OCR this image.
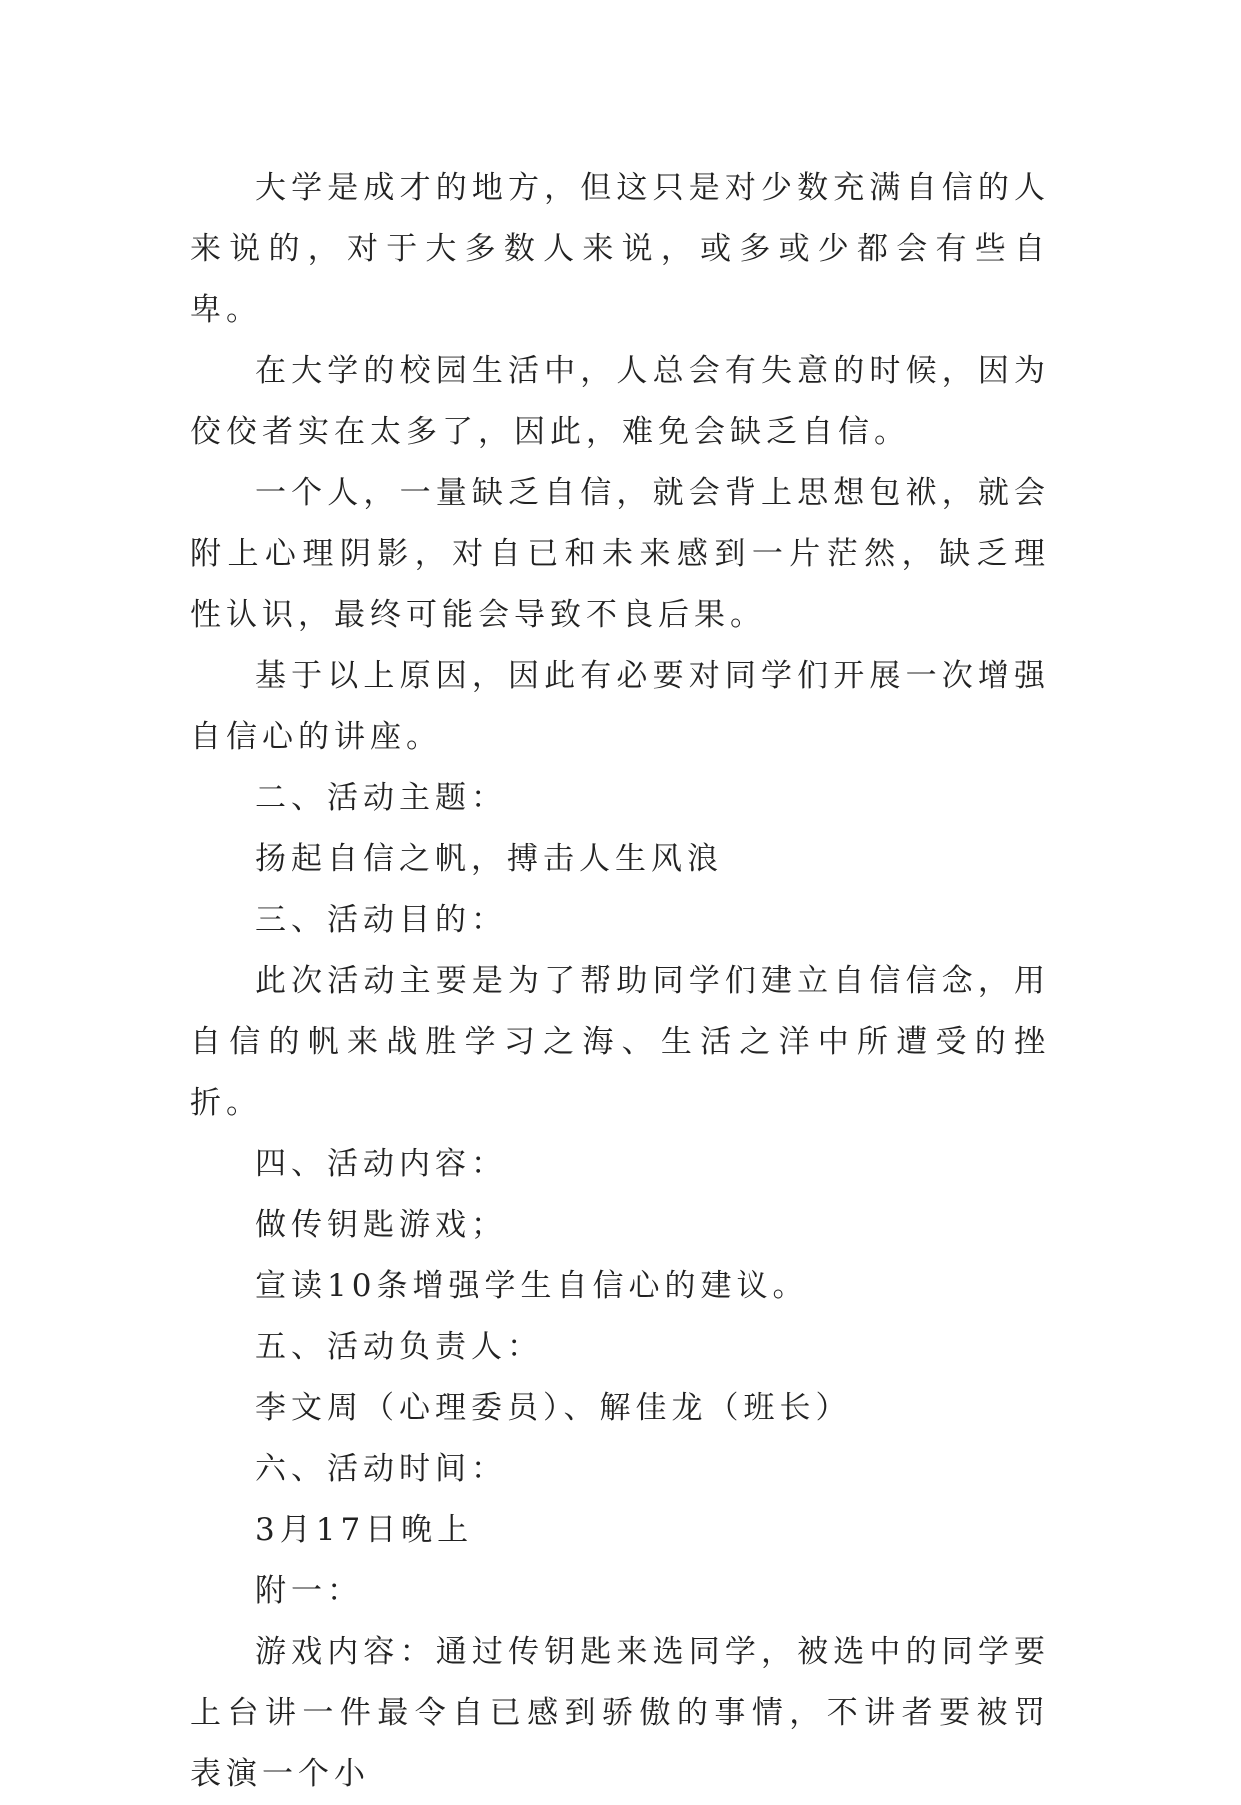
大学是成才的地方，但这只是对少数充满自信的人来说的，对于大多数人来说，或多或少都会有些自卑。

在大学的校园生活中，人总会有失意的时候，因为佼佼者实在太多了，因此，难免会缺乏自信。

一个人，一量缺乏自信，就会背上思想包袱，就会附上心理阴影，对自已和未来感到一片茫然，缺乏理性认识，最终可能会导致不良后果。

基于以上原因，因此有必要对同学们开展一次增强自信心的讲座。

二、活动主题：

扬起自信之帆，搏击人生风浪

三、活动目的：

此次活动主要是为了帮助同学们建立自信信念，用自信的帆来战胜学习之海、生活之洋中所遭受的挫折。

四、活动内容：

做传钥匙游戏；

宣读10条增强学生自信心的建议。

五、活动负责人：

李文周（心理委员）、解佳龙（班长）

六、活动时间：

3月17日晚上

附一：

游戏内容：通过传钥匙来选同学，被选中的同学要上台讲一件最令自已感到骄傲的事情，不讲者要被罚表演一个小
